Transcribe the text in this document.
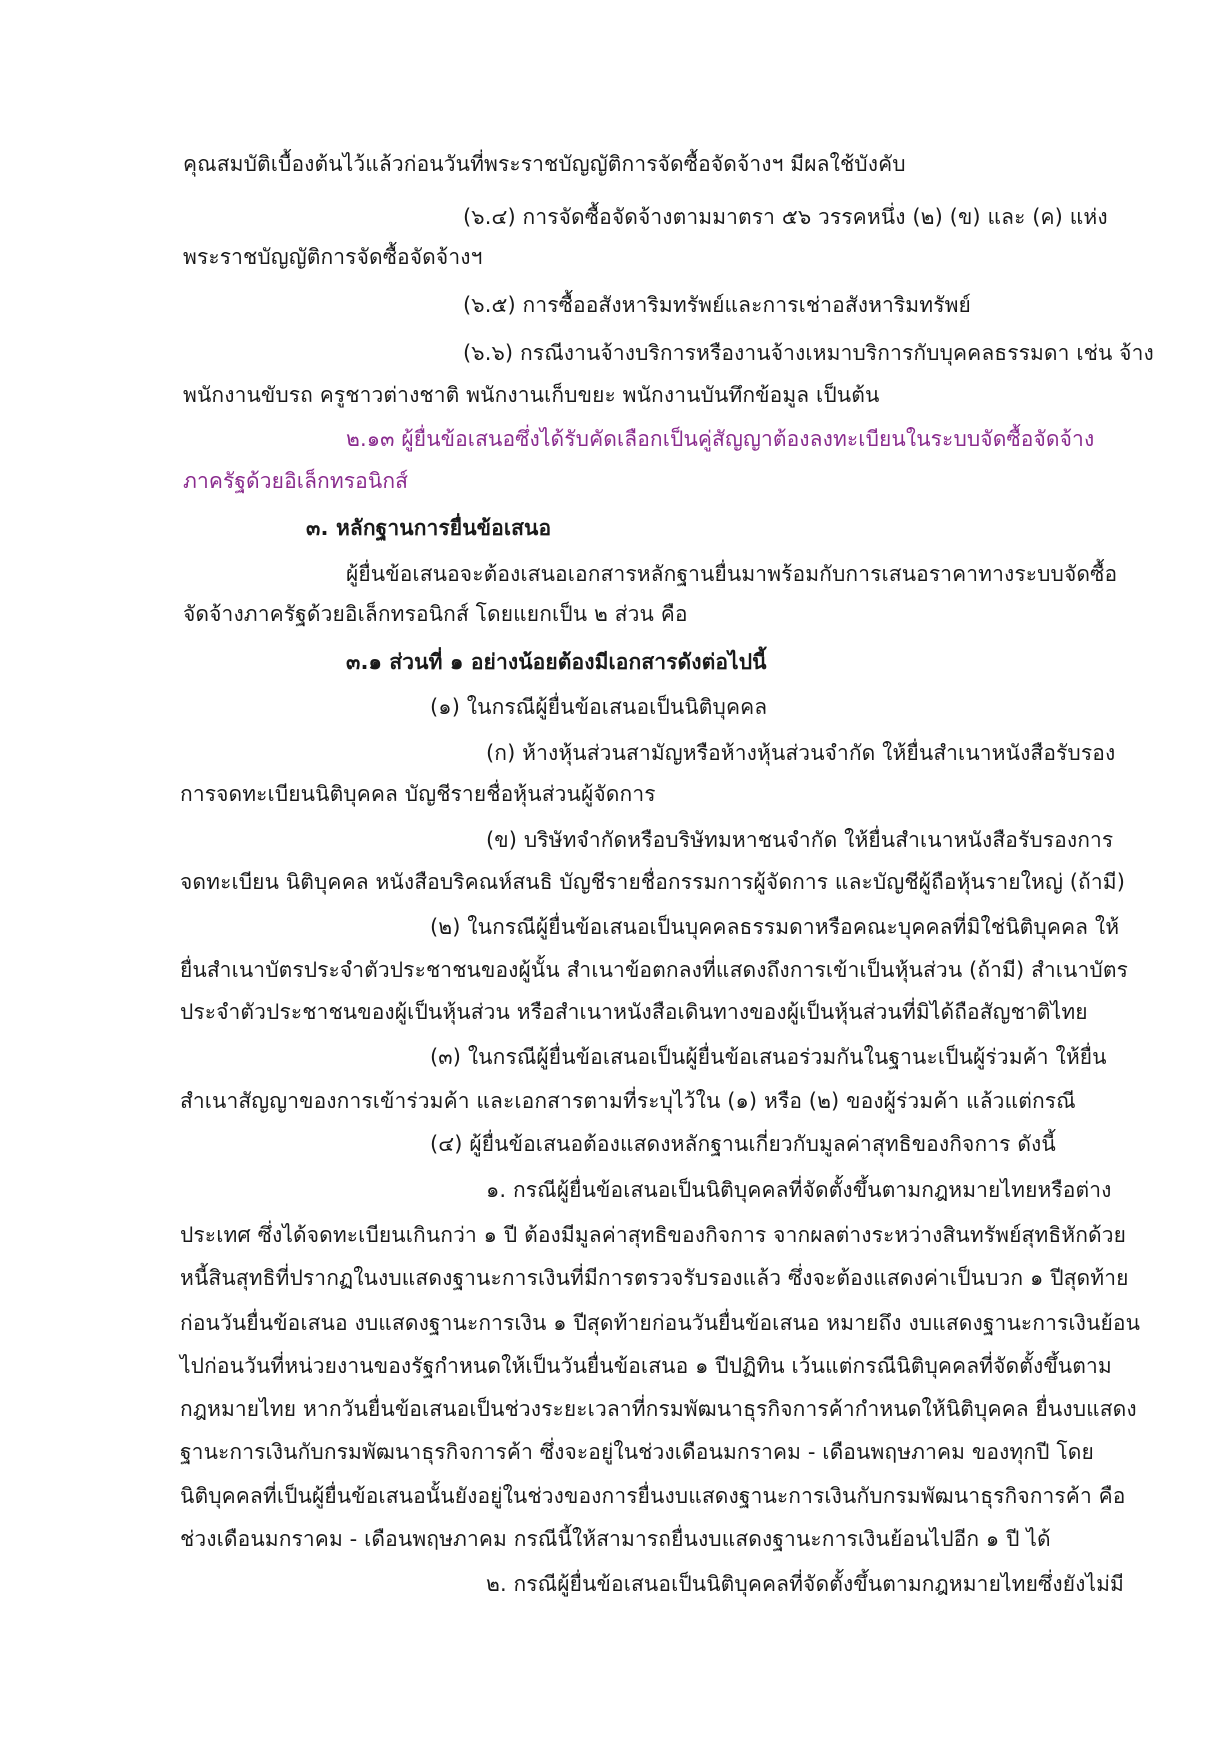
คุณสมบัติเบื้องต้นไว้แล้วก่อนวันที่พระราชบัญญัติการจัดซื้อจัดจ้างฯ มีผลใช้บังคับ
(๖.๔) การจัดซื้อจัดจ้างตามมาตรา ๕๖ วรรคหนึ่ง (๒) (ข) และ (ค) แห่ง
พระราชบัญญัติการจัดซื้อจัดจ้างฯ
(๖.๕) การซื้ออสังหาริมทรัพย์และการเช่าอสังหาริมทรัพย์
(๖.๖) กรณีงานจ้างบริการหรืองานจ้างเหมาบริการกับบุคคลธรรมดา เช่น จ้าง
พนักงานขับรถ ครูชาวต่างชาติ พนักงานเก็บขยะ พนักงานบันทึกข้อมูล เป็นต้น
๒.๑๓ ผู้ยื่นข้อเสนอซึ่งได้รับคัดเลือกเป็นคู่สัญญาต้องลงทะเบียนในระบบจัดซื้อจัดจ้าง
ภาครัฐด้วยอิเล็กทรอนิกส์
๓. หลักฐานการยื่นข้อเสนอ
ผู้ยื่นข้อเสนอจะต้องเสนอเอกสารหลักฐานยื่นมาพร้อมกับการเสนอราคาทางระบบจัดซื้อ
จัดจ้างภาครัฐด้วยอิเล็กทรอนิกส์ โดยแยกเป็น ๒ ส่วน คือ
๓.๑ ส่วนที่ ๑ อย่างน้อยต้องมีเอกสารดังต่อไปนี้
(๑) ในกรณีผู้ยื่นข้อเสนอเป็นนิติบุคคล
(ก) ห้างหุ้นส่วนสามัญหรือห้างหุ้นส่วนจำกัด ให้ยื่นสำเนาหนังสือรับรอง
การจดทะเบียนนิติบุคคล บัญชีรายชื่อหุ้นส่วนผู้จัดการ
(ข) บริษัทจำกัดหรือบริษัทมหาชนจำกัด ให้ยื่นสำเนาหนังสือรับรองการ
จดทะเบียน นิติบุคคล หนังสือบริคณห์สนธิ บัญชีรายชื่อกรรมการผู้จัดการ และบัญชีผู้ถือหุ้นรายใหญ่ (ถ้ามี)
(๒) ในกรณีผู้ยื่นข้อเสนอเป็นบุคคลธรรมดาหรือคณะบุคคลที่มิใช่นิติบุคคล ให้
ยื่นสำเนาบัตรประจำตัวประชาชนของผู้นั้น สำเนาข้อตกลงที่แสดงถึงการเข้าเป็นหุ้นส่วน (ถ้ามี) สำเนาบัตร
ประจำตัวประชาชนของผู้เป็นหุ้นส่วน หรือสำเนาหนังสือเดินทางของผู้เป็นหุ้นส่วนที่มิได้ถือสัญชาติไทย
(๓) ในกรณีผู้ยื่นข้อเสนอเป็นผู้ยื่นข้อเสนอร่วมกันในฐานะเป็นผู้ร่วมค้า ให้ยื่น
สำเนาสัญญาของการเข้าร่วมค้า และเอกสารตามที่ระบุไว้ใน (๑) หรือ (๒) ของผู้ร่วมค้า แล้วแต่กรณี
(๔) ผู้ยื่นข้อเสนอต้องแสดงหลักฐานเกี่ยวกับมูลค่าสุทธิของกิจการ ดังนี้
๑. กรณีผู้ยื่นข้อเสนอเป็นนิติบุคคลที่จัดตั้งขึ้นตามกฎหมายไทยหรือต่าง
ประเทศ ซึ่งได้จดทะเบียนเกินกว่า ๑ ปี ต้องมีมูลค่าสุทธิของกิจการ จากผลต่างระหว่างสินทรัพย์สุทธิหักด้วย
หนี้สินสุทธิที่ปรากฏในงบแสดงฐานะการเงินที่มีการตรวจรับรองแล้ว ซึ่งจะต้องแสดงค่าเป็นบวก ๑ ปีสุดท้าย
ก่อนวันยื่นข้อเสนอ งบแสดงฐานะการเงิน ๑ ปีสุดท้ายก่อนวันยื่นข้อเสนอ หมายถึง งบแสดงฐานะการเงินย้อน
ไปก่อนวันที่หน่วยงานของรัฐกำหนดให้เป็นวันยื่นข้อเสนอ ๑ ปีปฏิทิน เว้นแต่กรณีนิติบุคคลที่จัดตั้งขึ้นตาม
กฎหมายไทย หากวันยื่นข้อเสนอเป็นช่วงระยะเวลาที่กรมพัฒนาธุรกิจการค้ากำหนดให้นิติบุคคล ยื่นงบแสดง
ฐานะการเงินกับกรมพัฒนาธุรกิจการค้า ซึ่งจะอยู่ในช่วงเดือนมกราคม - เดือนพฤษภาคม ของทุกปี โดย
นิติบุคคลที่เป็นผู้ยื่นข้อเสนอนั้นยังอยู่ในช่วงของการยื่นงบแสดงฐานะการเงินกับกรมพัฒนาธุรกิจการค้า คือ
ช่วงเดือนมกราคม - เดือนพฤษภาคม กรณีนี้ให้สามารถยื่นงบแสดงฐานะการเงินย้อนไปอีก ๑ ปี ได้
๒. กรณีผู้ยื่นข้อเสนอเป็นนิติบุคคลที่จัดตั้งขึ้นตามกฎหมายไทยซึ่งยังไม่มี
